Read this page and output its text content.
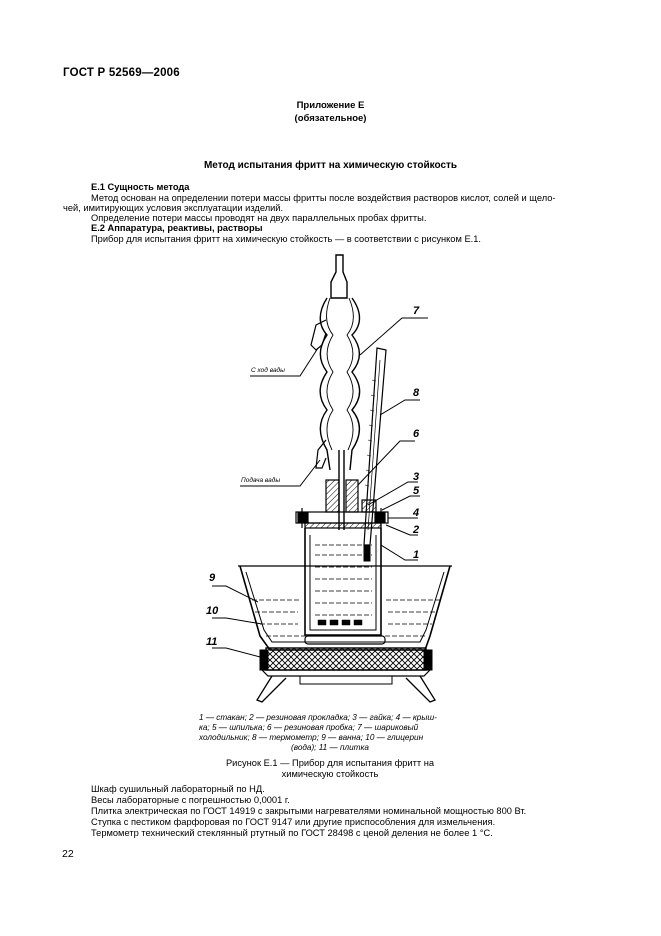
ГОСТ Р 52569—2006
Приложение Е
(обязательное)
Метод испытания фритт на химическую стойкость
Е.1 Сущность метода
Метод основан на определении потери массы фритты после воздействия растворов кислот, солей и щело-
чей, имитирующих условия эксплуатации изделий.
Определение потери массы проводят на двух параллельных пробах фритты.
Е.2 Аппаратура, реактивы, растворы
Прибор для испытания фритт на химическую стойкость — в соответствии с рисунком Е.1.
С ход вады
Подача вады
7
8
6
3
5
4
2
1
9
10
11
1 — стакан; 2 — резиновая прокладка; 3 — гайка; 4 — крыш-
ка; 5 — шпилька; 6 — резиновая пробка; 7 — шариковый
холодильник; 8 — термометр; 9 — ванна; 10 — глицерин
(вода); 11 — плитка
Рисунок Е.1 — Прибор для испытания фритт на
химическую стойкость
Шкаф сушильный лабораторный по НД.
Весы лабораторные с погрешностью 0,0001 г.
Плитка электрическая по ГОСТ 14919 с закрытыми нагревателями номинальной мощностью 800 Вт.
Ступка с пестиком фарфоровая по ГОСТ 9147 или другие приспособления для измельчения.
Термометр технический стеклянный ртутный по ГОСТ 28498 с ценой деления не более 1 °С.
22
